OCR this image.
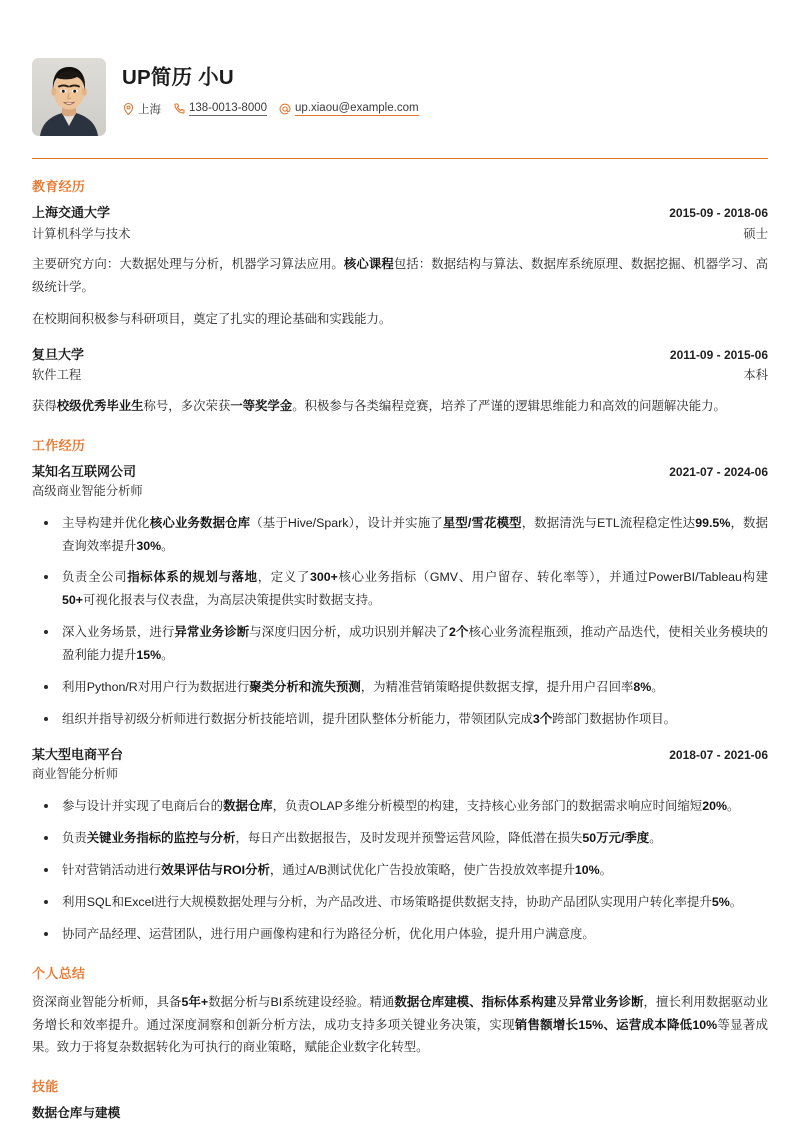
UP简历 小U
上海 138-0013-8000 up.xiaou@example.com
教育经历
上海交通大学	2015-09 - 2018-06
计算机科学与技术	硕士
主要研究方向：大数据处理与分析，机器学习算法应用。核心课程包括：数据结构与算法、数据库系统原理、数据挖掘、机器学习、高级统计学。
在校期间积极参与科研项目，奠定了扎实的理论基础和实践能力。
复旦大学	2011-09 - 2015-06
软件工程	本科
获得校级优秀毕业生称号，多次荣获一等奖学金。积极参与各类编程竞赛，培养了严谨的逻辑思维能力和高效的问题解决能力。
工作经历
某知名互联网公司	2021-07 - 2024-06
高级商业智能分析师
主导构建并优化核心业务数据仓库（基于Hive/Spark），设计并实施了星型/雪花模型，数据清洗与ETL流程稳定性达99.5%，数据查询效率提升30%。
负责全公司指标体系的规划与落地，定义了300+核心业务指标（GMV、用户留存、转化率等），并通过PowerBI/Tableau构建50+可视化报表与仪表盘，为高层决策提供实时数据支持。
深入业务场景，进行异常业务诊断与深度归因分析，成功识别并解决了2个核心业务流程瓶颈，推动产品迭代，使相关业务模块的盈利能力提升15%。
利用Python/R对用户行为数据进行聚类分析和流失预测，为精准营销策略提供数据支撑，提升用户召回率8%。
组织并指导初级分析师进行数据分析技能培训，提升团队整体分析能力，带领团队完成3个跨部门数据协作项目。
某大型电商平台	2018-07 - 2021-06
商业智能分析师
参与设计并实现了电商后台的数据仓库，负责OLAP多维分析模型的构建，支持核心业务部门的数据需求响应时间缩短20%。
负责关键业务指标的监控与分析，每日产出数据报告，及时发现并预警运营风险，降低潜在损失50万元/季度。
针对营销活动进行效果评估与ROI分析，通过A/B测试优化广告投放策略，使广告投放效率提升10%。
利用SQL和Excel进行大规模数据处理与分析，为产品改进、市场策略提供数据支持，协助产品团队实现用户转化率提升5%。
协同产品经理、运营团队，进行用户画像构建和行为路径分析，优化用户体验，提升用户满意度。
个人总结
资深商业智能分析师，具备5年+数据分析与BI系统建设经验。精通数据仓库建模、指标体系构建及异常业务诊断，擅长利用数据驱动业务增长和效率提升。通过深度洞察和创新分析方法，成功支持多项关键业务决策，实现销售额增长15%、运营成本降低10%等显著成果。致力于将复杂数据转化为可执行的商业策略，赋能企业数字化转型。
技能
数据仓库与建模
